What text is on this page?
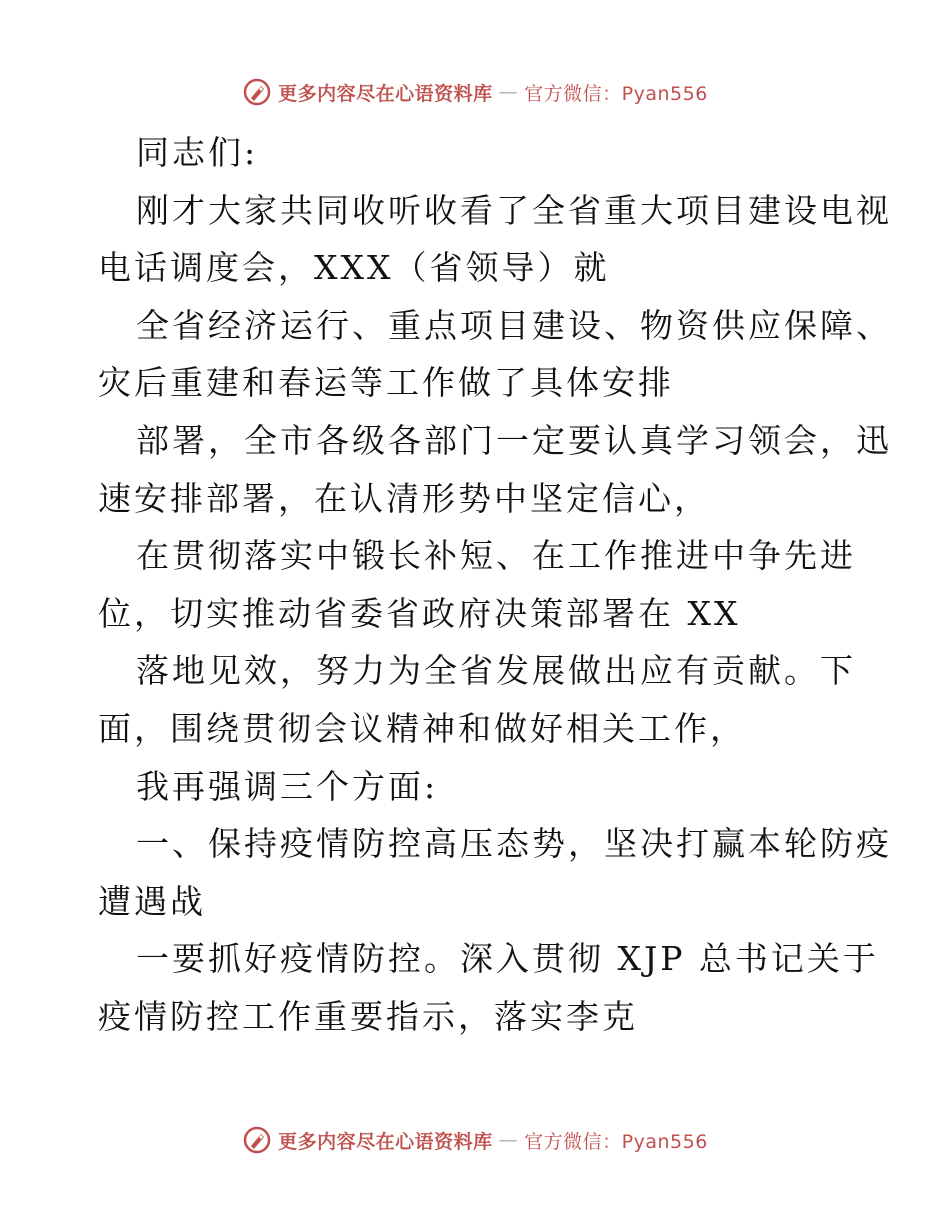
更多内容尽在心语资料库 — 官方微信：Pyan556
同志们:
刚才大家共同收听收看了全省重大项目建设电视
电话调度会，XXX（省领导）就
全省经济运行、重点项目建设、物资供应保障、
灾后重建和春运等工作做了具体安排
部署，全市各级各部门一定要认真学习领会，迅
速安排部署，在认清形势中坚定信心，
在贯彻落实中锻长补短、在工作推进中争先进
位，切实推动省委省政府决策部署在 XX
落地见效，努力为全省发展做出应有贡献。下
面，围绕贯彻会议精神和做好相关工作，
我再强调三个方面:
一、保持疫情防控高压态势，坚决打赢本轮防疫
遭遇战
一要抓好疫情防控。深入贯彻 XJP 总书记关于
疫情防控工作重要指示，落实李克
更多内容尽在心语资料库 — 官方微信：Pyan556
